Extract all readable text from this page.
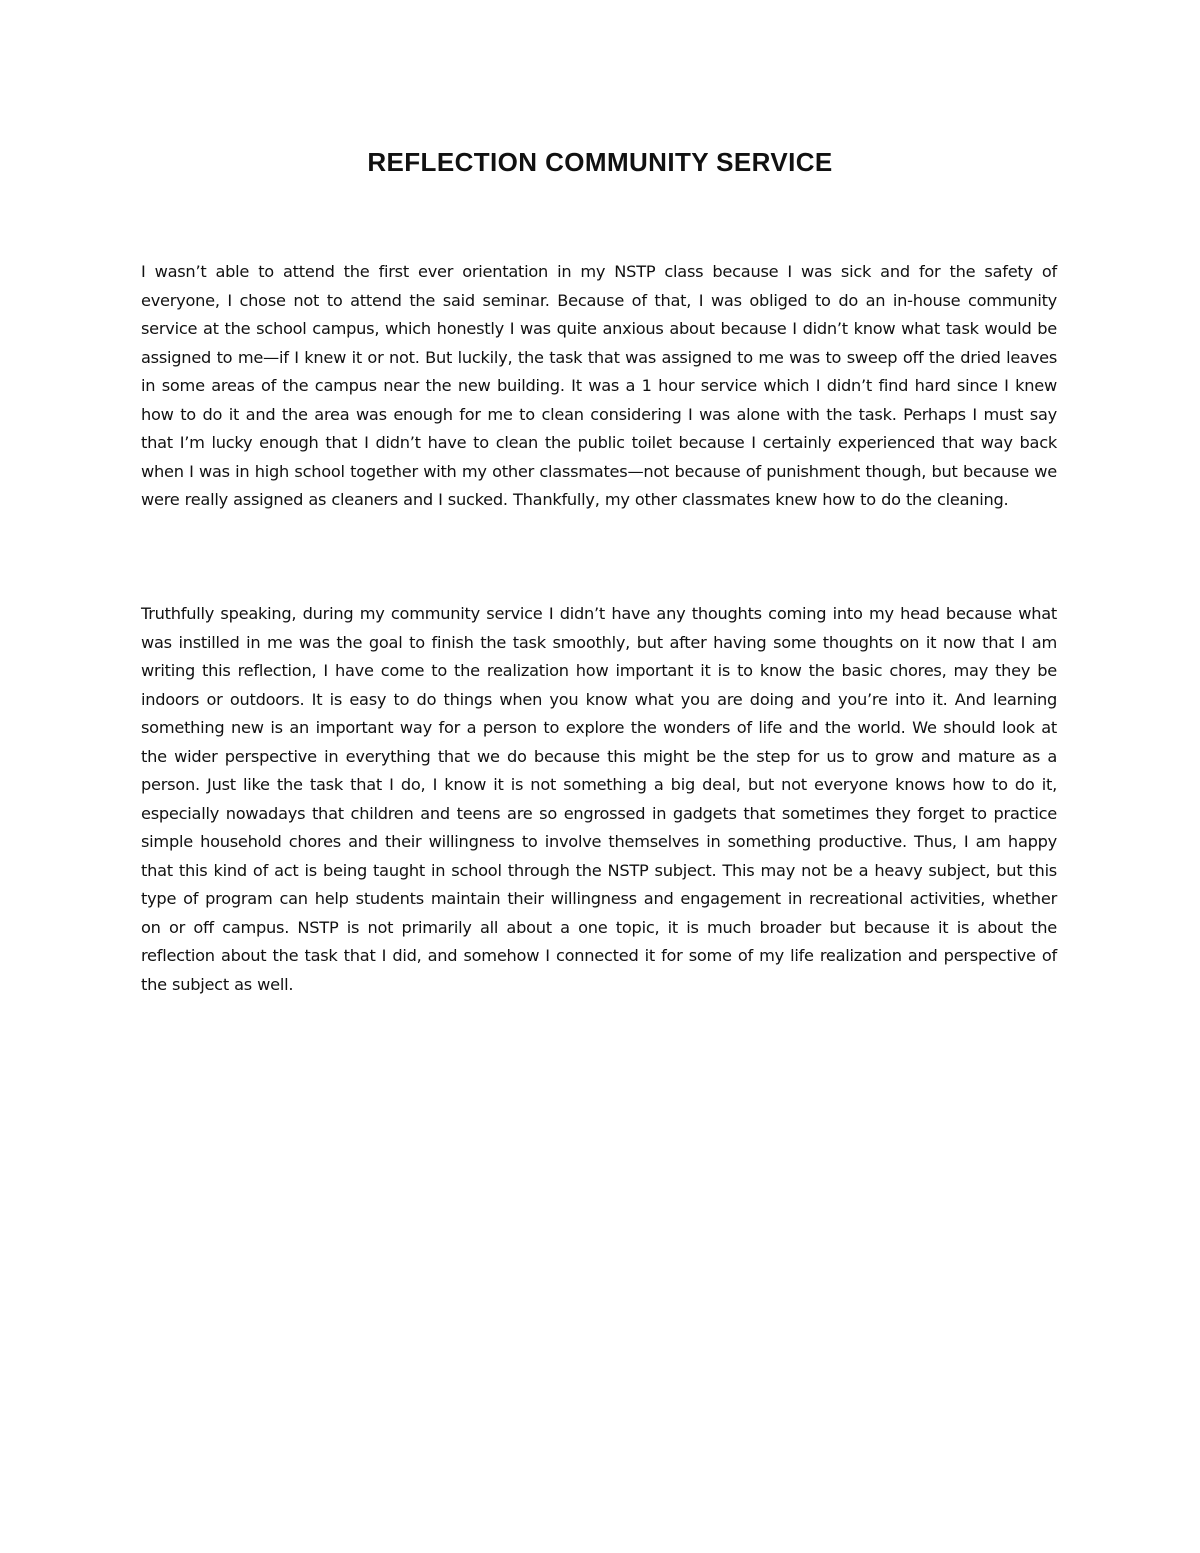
REFLECTION COMMUNITY SERVICE

I wasn’t able to attend the first ever orientation in my NSTP class because I was sick and for the safety of everyone, I chose not to attend the said seminar. Because of that, I was obliged to do an in-house community service at the school campus, which honestly I was quite anxious about because I didn’t know what task would be assigned to me—if I knew it or not. But luckily, the task that was assigned to me was to sweep off the dried leaves in some areas of the campus near the new building. It was a 1 hour service which I didn’t find hard since I knew how to do it and the area was enough for me to clean considering I was alone with the task. Perhaps I must say that I’m lucky enough that I didn’t have to clean the public toilet because I certainly experienced that way back when I was in high school together with my other classmates—not because of punishment though, but because we were really assigned as cleaners and I sucked. Thankfully, my other classmates knew how to do the cleaning.

Truthfully speaking, during my community service I didn’t have any thoughts coming into my head because what was instilled in me was the goal to finish the task smoothly, but after having some thoughts on it now that I am writing this reflection, I have come to the realization how important it is to know the basic chores, may they be indoors or outdoors. It is easy to do things when you know what you are doing and you’re into it. And learning something new is an important way for a person to explore the wonders of life and the world. We should look at the wider perspective in everything that we do because this might be the step for us to grow and mature as a person. Just like the task that I do, I know it is not something a big deal, but not everyone knows how to do it, especially nowadays that children and teens are so engrossed in gadgets that sometimes they forget to practice simple household chores and their willingness to involve themselves in something productive. Thus, I am happy that this kind of act is being taught in school through the NSTP subject. This may not be a heavy subject, but this type of program can help students maintain their willingness and engagement in recreational activities, whether on or off campus. NSTP is not primarily all about a one topic, it is much broader but because it is about the reflection about the task that I did, and somehow I connected it for some of my life realization and perspective of the subject as well.
